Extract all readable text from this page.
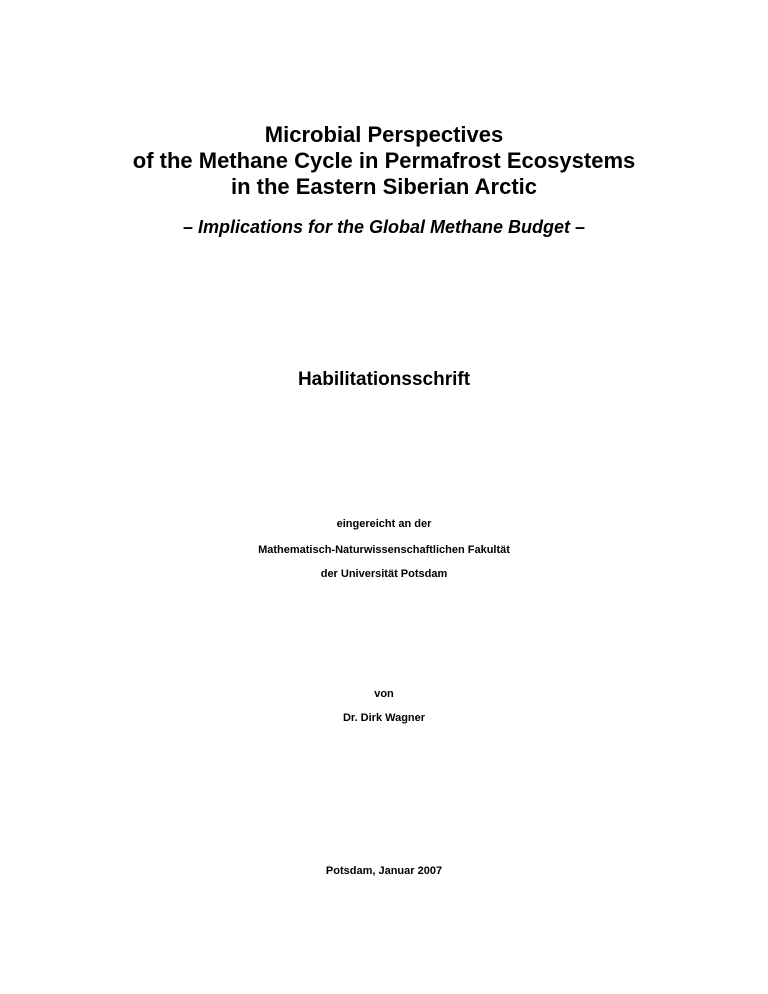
Microbial Perspectives
of the Methane Cycle in Permafrost Ecosystems
in the Eastern Siberian Arctic
– Implications for the Global Methane Budget –
Habilitationsschrift
eingereicht an der
Mathematisch-Naturwissenschaftlichen Fakultät
der Universität Potsdam
von
Dr. Dirk Wagner
Potsdam, Januar 2007
